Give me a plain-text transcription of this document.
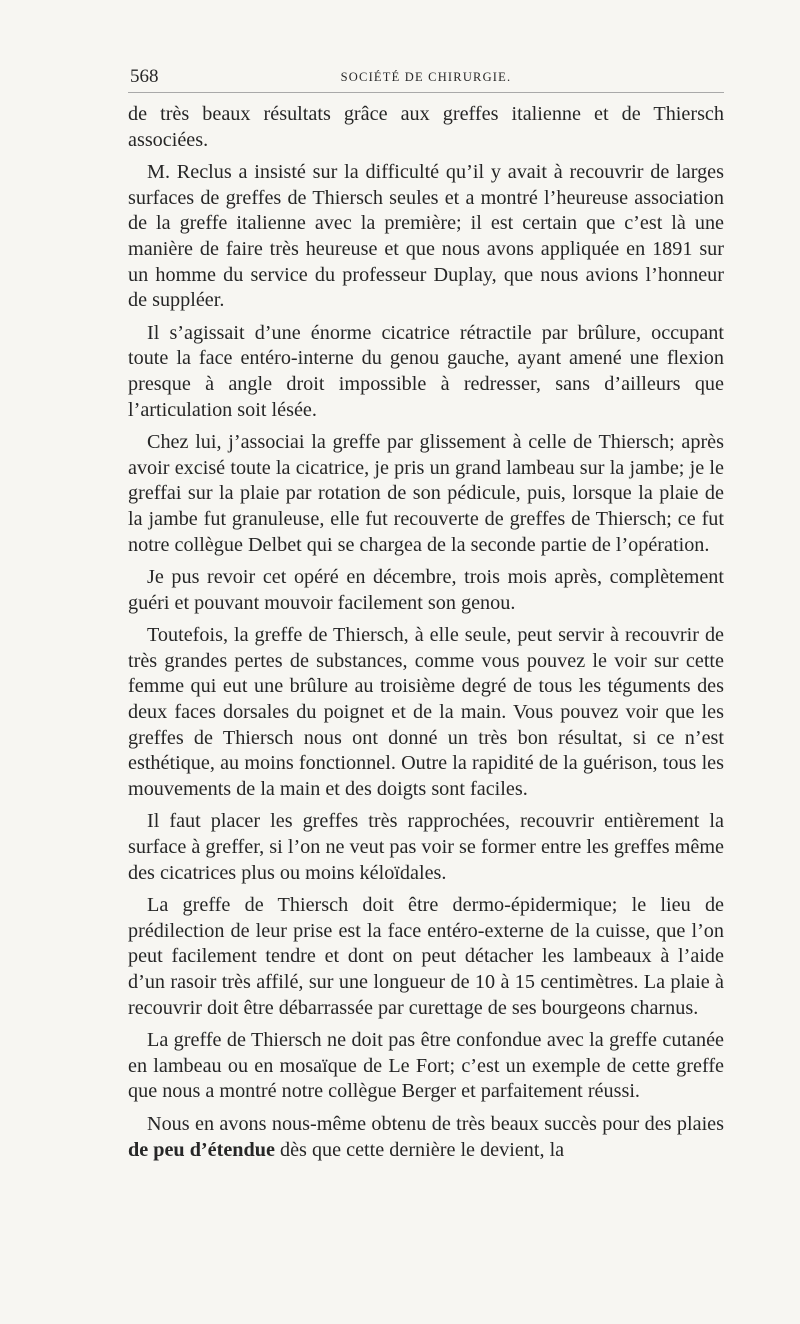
568	SOCIÉTÉ DE CHIRURGIE.

de très beaux résultats grâce aux greffes italienne et de Thiersch associées.

M. Reclus a insisté sur la difficulté qu’il y avait à recouvrir de larges surfaces de greffes de Thiersch seules et a montré l’heureuse association de la greffe italienne avec la première; il est certain que c’est là une manière de faire très heureuse et que nous avons appliquée en 1891 sur un homme du service du professeur Duplay, que nous avions l’honneur de suppléer.

Il s’agissait d’une énorme cicatrice rétractile par brûlure, occupant toute la face entéro-interne du genou gauche, ayant amené une flexion presque à angle droit impossible à redresser, sans d’ailleurs que l’articulation soit lésée.

Chez lui, j’associai la greffe par glissement à celle de Thiersch; après avoir excisé toute la cicatrice, je pris un grand lambeau sur la jambe; je le greffai sur la plaie par rotation de son pédicule, puis, lorsque la plaie de la jambe fut granuleuse, elle fut recouverte de greffes de Thiersch; ce fut notre collègue Delbet qui se chargea de la seconde partie de l’opération.

Je pus revoir cet opéré en décembre, trois mois après, complètement guéri et pouvant mouvoir facilement son genou.

Toutefois, la greffe de Thiersch, à elle seule, peut servir à recouvrir de très grandes pertes de substances, comme vous pouvez le voir sur cette femme qui eut une brûlure au troisième degré de tous les téguments des deux faces dorsales du poignet et de la main. Vous pouvez voir que les greffes de Thiersch nous ont donné un très bon résultat, si ce n’est esthétique, au moins fonctionnel. Outre la rapidité de la guérison, tous les mouvements de la main et des doigts sont faciles.

Il faut placer les greffes très rapprochées, recouvrir entièrement la surface à greffer, si l’on ne veut pas voir se former entre les greffes même des cicatrices plus ou moins kéloïdales.

La greffe de Thiersch doit être dermo-épidermique; le lieu de prédilection de leur prise est la face entéro-externe de la cuisse, que l’on peut facilement tendre et dont on peut détacher les lambeaux à l’aide d’un rasoir très affilé, sur une longueur de 10 à 15 centimètres. La plaie à recouvrir doit être débarrassée par curettage de ses bourgeons charnus.

La greffe de Thiersch ne doit pas être confondue avec la greffe cutanée en lambeau ou en mosaïque de Le Fort; c’est un exemple de cette greffe que nous a montré notre collègue Berger et parfaitement réussi.

Nous en avons nous-même obtenu de très beaux succès pour des plaies de peu d’étendue dès que cette dernière le devient, la
